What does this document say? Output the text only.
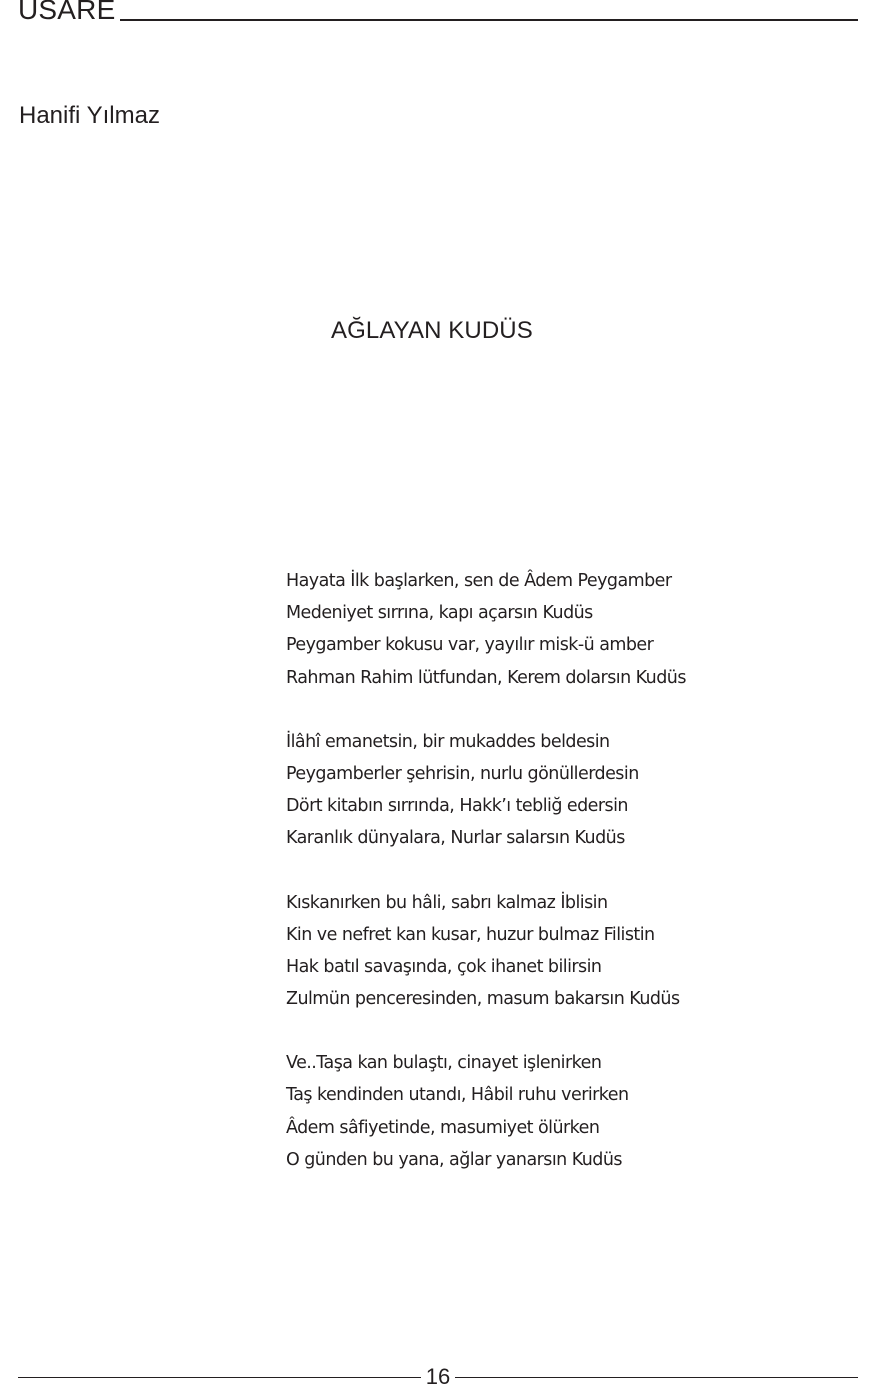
USARE
Hanifi Yılmaz
AĞLAYAN KUDÜS
Hayata İlk başlarken, sen de Âdem Peygamber
Medeniyet sırrına, kapı açarsın Kudüs
Peygamber kokusu var, yayılır misk-ü amber
Rahman Rahim lütfundan, Kerem dolarsın Kudüs
İlâhî emanetsin, bir mukaddes beldesin
Peygamberler şehrisin, nurlu gönüllerdesin
Dört kitabın sırrında, Hakk’ı tebliğ edersin
Karanlık dünyalara, Nurlar salarsın Kudüs
Kıskanırken bu hâli, sabrı kalmaz İblisin
Kin ve nefret kan kusar, huzur bulmaz Filistin
Hak batıl savaşında, çok ihanet bilirsin
Zulmün penceresinden, masum bakarsın Kudüs
Ve..Taşa kan bulaştı, cinayet işlenirken
Taş kendinden utandı, Hâbil ruhu verirken
Âdem sâfiyetinde, masumiyet ölürken
O günden bu yana, ağlar yanarsın Kudüs
16
